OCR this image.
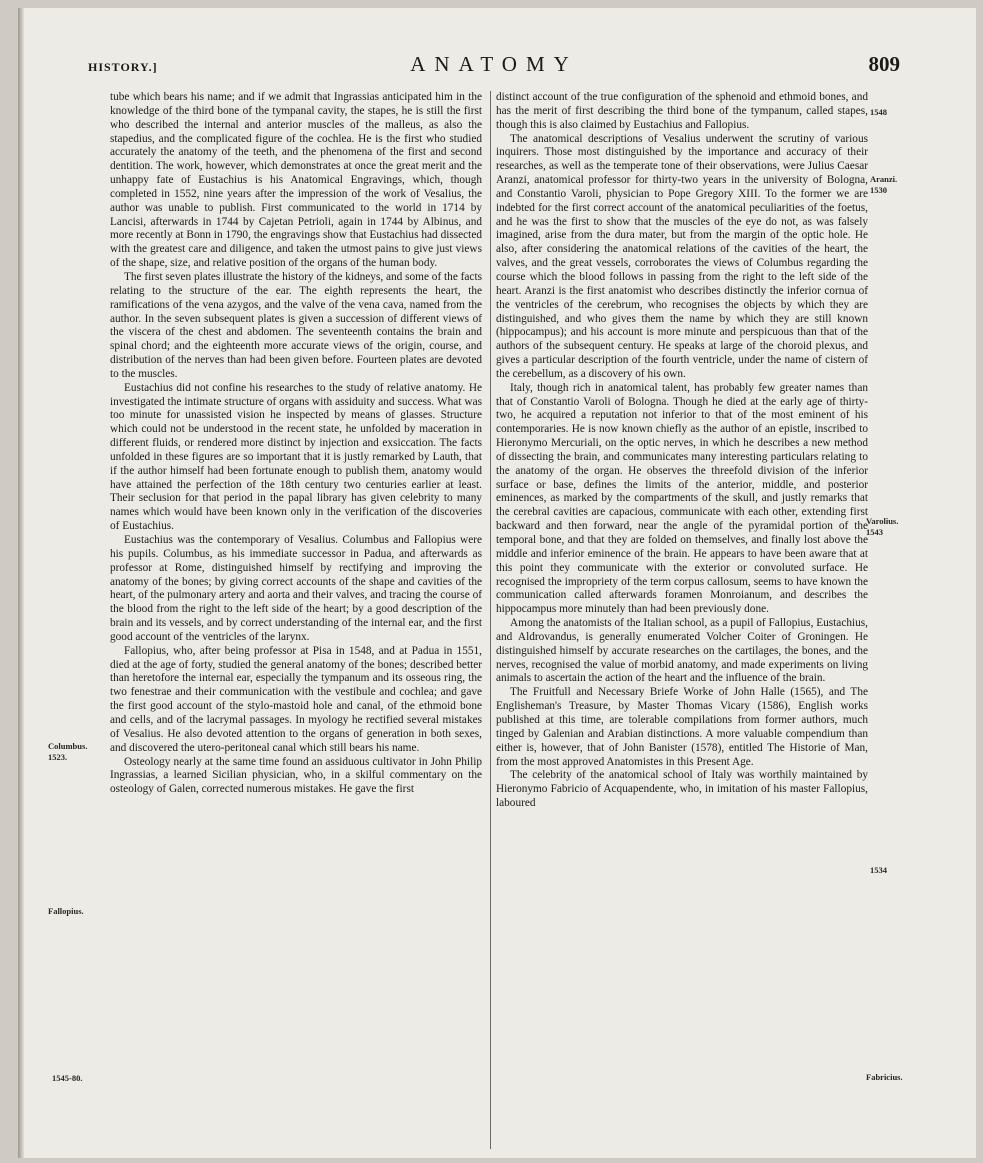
HISTORY.]	ANATOMY	809
Columbus.
1523.
Fallopius.
1545-80.
1548
Aranzi.
1530
Varolius.
1543
1534
Fabricius.

tube which bears his name; and if we admit that Ingrassias anticipated him in the knowledge of the third bone of the tympanal cavity, the stapes, he is still the first who described the internal and anterior muscles of the malleus, as also the stapedius, and the complicated figure of the cochlea. He is the first who studied accurately the anatomy of the teeth, and the phenomena of the first and second dentition. The work, however, which demonstrates at once the great merit and the unhappy fate of Eustachius is his Anatomical Engravings, which, though completed in 1552, nine years after the impression of the work of Vesalius, the author was unable to publish. First communicated to the world in 1714 by Lancisi, afterwards in 1744 by Cajetan Petrioli, again in 1744 by Albinus, and more recently at Bonn in 1790, the engravings show that Eustachius had dissected with the greatest care and diligence, and taken the utmost pains to give just views of the shape, size, and relative position of the organs of the human body.

The first seven plates illustrate the history of the kidneys, and some of the facts relating to the structure of the ear. The eighth represents the heart, the ramifications of the vena azygos, and the valve of the vena cava, named from the author. In the seven subsequent plates is given a succession of different views of the viscera of the chest and abdomen. The seventeenth contains the brain and spinal chord; and the eighteenth more accurate views of the origin, course, and distribution of the nerves than had been given before. Fourteen plates are devoted to the muscles.

Eustachius did not confine his researches to the study of relative anatomy. He investigated the intimate structure of organs with assiduity and success. What was too minute for unassisted vision he inspected by means of glasses. Structure which could not be understood in the recent state, he unfolded by maceration in different fluids, or rendered more distinct by injection and exsiccation. The facts unfolded in these figures are so important that it is justly remarked by Lauth, that if the author himself had been fortunate enough to publish them, anatomy would have attained the perfection of the 18th century two centuries earlier at least. Their seclusion for that period in the papal library has given celebrity to many names which would have been known only in the verification of the discoveries of Eustachius.

Eustachius was the contemporary of Vesalius. Columbus and Fallopius were his pupils. Columbus, as his immediate successor in Padua, and afterwards as professor at Rome, distinguished himself by rectifying and improving the anatomy of the bones; by giving correct accounts of the shape and cavities of the heart, of the pulmonary artery and aorta and their valves, and tracing the course of the blood from the right to the left side of the heart; by a good description of the brain and its vessels, and by correct understanding of the internal ear, and the first good account of the ventricles of the larynx.

Fallopius, who, after being professor at Pisa in 1548, and at Padua in 1551, died at the age of forty, studied the general anatomy of the bones; described better than heretofore the internal ear, especially the tympanum and its osseous ring, the two fenestrae and their communication with the vestibule and cochlea; and gave the first good account of the stylo-mastoid hole and canal, of the ethmoid bone and cells, and of the lacrymal passages. In myology he rectified several mistakes of Vesalius. He also devoted attention to the organs of generation in both sexes, and discovered the utero-peritoneal canal which still bears his name.

Osteology nearly at the same time found an assiduous cultivator in John Philip Ingrassias, a learned Sicilian physician, who, in a skilful commentary on the osteology of Galen, corrected numerous mistakes. He gave the first

distinct account of the true configuration of the sphenoid and ethmoid bones, and has the merit of first describing the third bone of the tympanum, called stapes, though this is also claimed by Eustachius and Fallopius.

The anatomical descriptions of Vesalius underwent the scrutiny of various inquirers. Those most distinguished by the importance and accuracy of their researches, as well as the temperate tone of their observations, were Julius Caesar Aranzi, anatomical professor for thirty-two years in the university of Bologna, and Constantio Varoli, physician to Pope Gregory XIII. To the former we are indebted for the first correct account of the anatomical peculiarities of the foetus, and he was the first to show that the muscles of the eye do not, as was falsely imagined, arise from the dura mater, but from the margin of the optic hole. He also, after considering the anatomical relations of the cavities of the heart, the valves, and the great vessels, corroborates the views of Columbus regarding the course which the blood follows in passing from the right to the left side of the heart. Aranzi is the first anatomist who describes distinctly the inferior cornua of the ventricles of the cerebrum, who recognises the objects by which they are distinguished, and who gives them the name by which they are still known (hippocampus); and his account is more minute and perspicuous than that of the authors of the subsequent century. He speaks at large of the choroid plexus, and gives a particular description of the fourth ventricle, under the name of cistern of the cerebellum, as a discovery of his own.

Italy, though rich in anatomical talent, has probably few greater names than that of Constantio Varoli of Bologna. Though he died at the early age of thirty-two, he acquired a reputation not inferior to that of the most eminent of his contemporaries. He is now known chiefly as the author of an epistle, inscribed to Hieronymo Mercuriali, on the optic nerves, in which he describes a new method of dissecting the brain, and communicates many interesting particulars relating to the anatomy of the organ. He observes the threefold division of the inferior surface or base, defines the limits of the anterior, middle, and posterior eminences, as marked by the compartments of the skull, and justly remarks that the cerebral cavities are capacious, communicate with each other, extending first backward and then forward, near the angle of the pyramidal portion of the temporal bone, and that they are folded on themselves, and finally lost above the middle and inferior eminence of the brain. He appears to have been aware that at this point they communicate with the exterior or convoluted surface. He recognised the impropriety of the term corpus callosum, seems to have known the communication called afterwards foramen Monroianum, and describes the hippocampus more minutely than had been previously done.

Among the anatomists of the Italian school, as a pupil of Fallopius, Eustachius, and Aldrovandus, is generally enumerated Volcher Coiter of Groningen. He distinguished himself by accurate researches on the cartilages, the bones, and the nerves, recognised the value of morbid anatomy, and made experiments on living animals to ascertain the action of the heart and the influence of the brain.

The Fruitfull and Necessary Briefe Worke of John Halle (1565), and The Englisheman's Treasure, by Master Thomas Vicary (1586), English works published at this time, are tolerable compilations from former authors, much tinged by Galenian and Arabian distinctions. A more valuable compendium than either is, however, that of John Banister (1578), entitled The Historie of Man, from the most approved Anatomistes in this Present Age.

The celebrity of the anatomical school of Italy was worthily maintained by Hieronymo Fabricio of Acquapendente, who, in imitation of his master Fallopius, laboured
